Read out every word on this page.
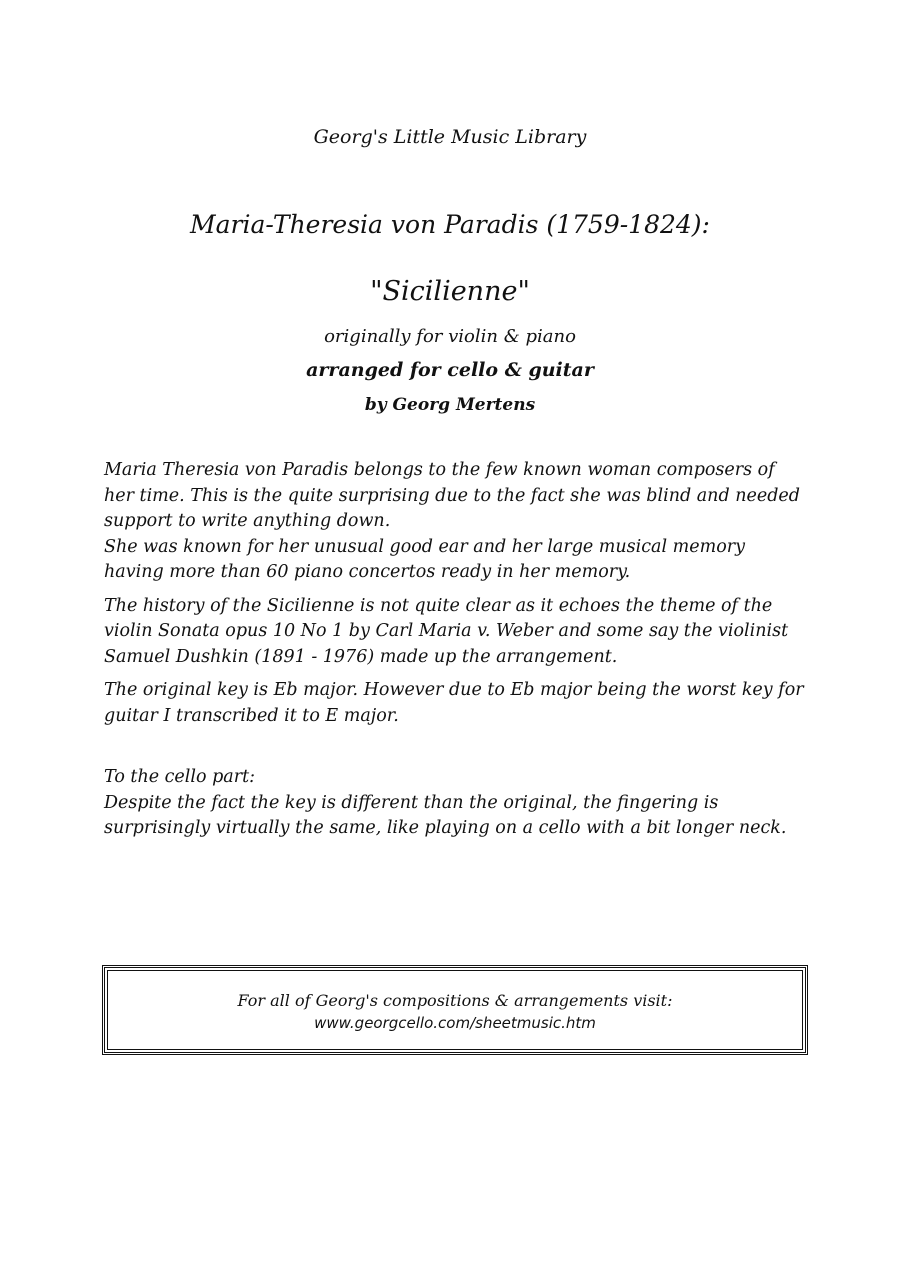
Georg's Little Music Library
Maria-Theresia von Paradis (1759-1824):
"Sicilienne"
originally for violin & piano
arranged for cello & guitar
by Georg Mertens

Maria Theresia von Paradis belongs to the few known woman composers of her time. This is the quite surprising due to the fact she was blind and needed support to write anything down.
She was known for her unusual good ear and her large musical memory having more than 60 piano concertos ready in her memory.

The history of the Sicilienne is not quite clear as it echoes the theme of the violin Sonata opus 10 No 1 by Carl Maria v. Weber and some say the violinist Samuel Dushkin (1891 - 1976) made up the arrangement.

The original key is Eb major. However due to Eb major being the worst key for guitar I transcribed it to E major.

To the cello part:
Despite the fact the key is different than the original, the fingering is surprisingly virtually the same, like playing on a cello with a bit longer neck.

For all of Georg's compositions & arrangements visit:
www.georgcello.com/sheetmusic.htm
